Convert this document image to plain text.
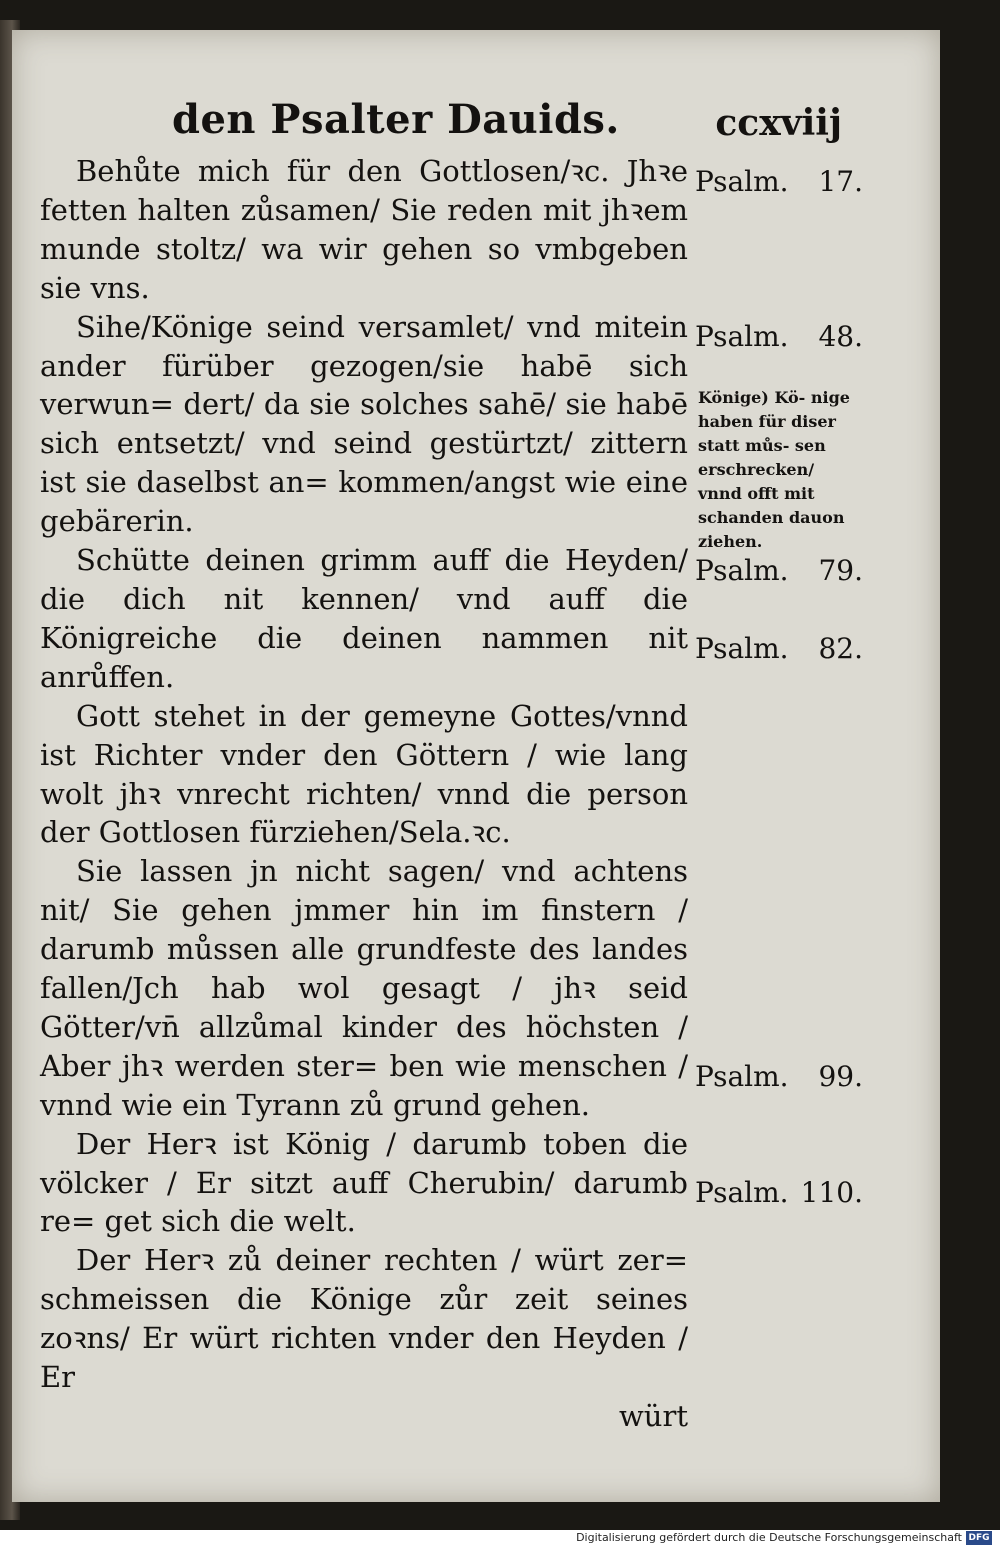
den Psalter Dauids.	ccxviij

Behůte mich für den Gottlosen/ꝛc. Jhꝛe fetten halten zůsamen/ Sie reden mit jhꝛem munde stoltz/ wa wir gehen so vmbgeben sie vns.

Sihe/Könige seind versamlet/ vnd mitein ander fürüber gezogen/sie habē sich verwun= dert/ da sie solches sahē/ sie habē sich entsetzt/ vnd seind gestürtzt/ zittern ist sie daselbst an= kommen/angst wie eine gebärerin.

Schütte deinen grimm auff die Heyden/ die dich nit kennen/ vnd auff die Königreiche die deinen nammen nit anrůffen.

Gott stehet in der gemeyne Gottes/vnnd ist Richter vnder den Göttern / wie lang wolt jhꝛ vnrecht richten/ vnnd die person der Gottlosen fürziehen/Sela.ꝛc.

Sie lassen jn nicht sagen/ vnd achtens nit/ Sie gehen jmmer hin im finstern / darumb můssen alle grundfeste des landes fallen/Jch hab wol gesagt / jhꝛ seid Götter/vn̄ allzůmal kinder des höchsten / Aber jhꝛ werden ster= ben wie menschen / vnnd wie ein Tyrann zů grund gehen.

Der Herꝛ ist König / darumb toben die völcker / Er sitzt auff Cherubin/ darumb re= get sich die welt.

Der Herꝛ zů deiner rechten / würt zer= schmeissen die Könige zůr zeit seines zoꝛns/ Er würt richten vnder den Heyden / Er

würt

Psalm. 17.
Psalm. 48.
Könige) Kö- nige haben für diser statt můs- sen erschrecken/ vnnd offt mit schanden dauon ziehen.
Psalm. 79.
Psalm. 82.
Psalm. 99.
Psalm. 110.
Digitalisierung gefördert durch die Deutsche Forschungsgemeinschaft DFG
